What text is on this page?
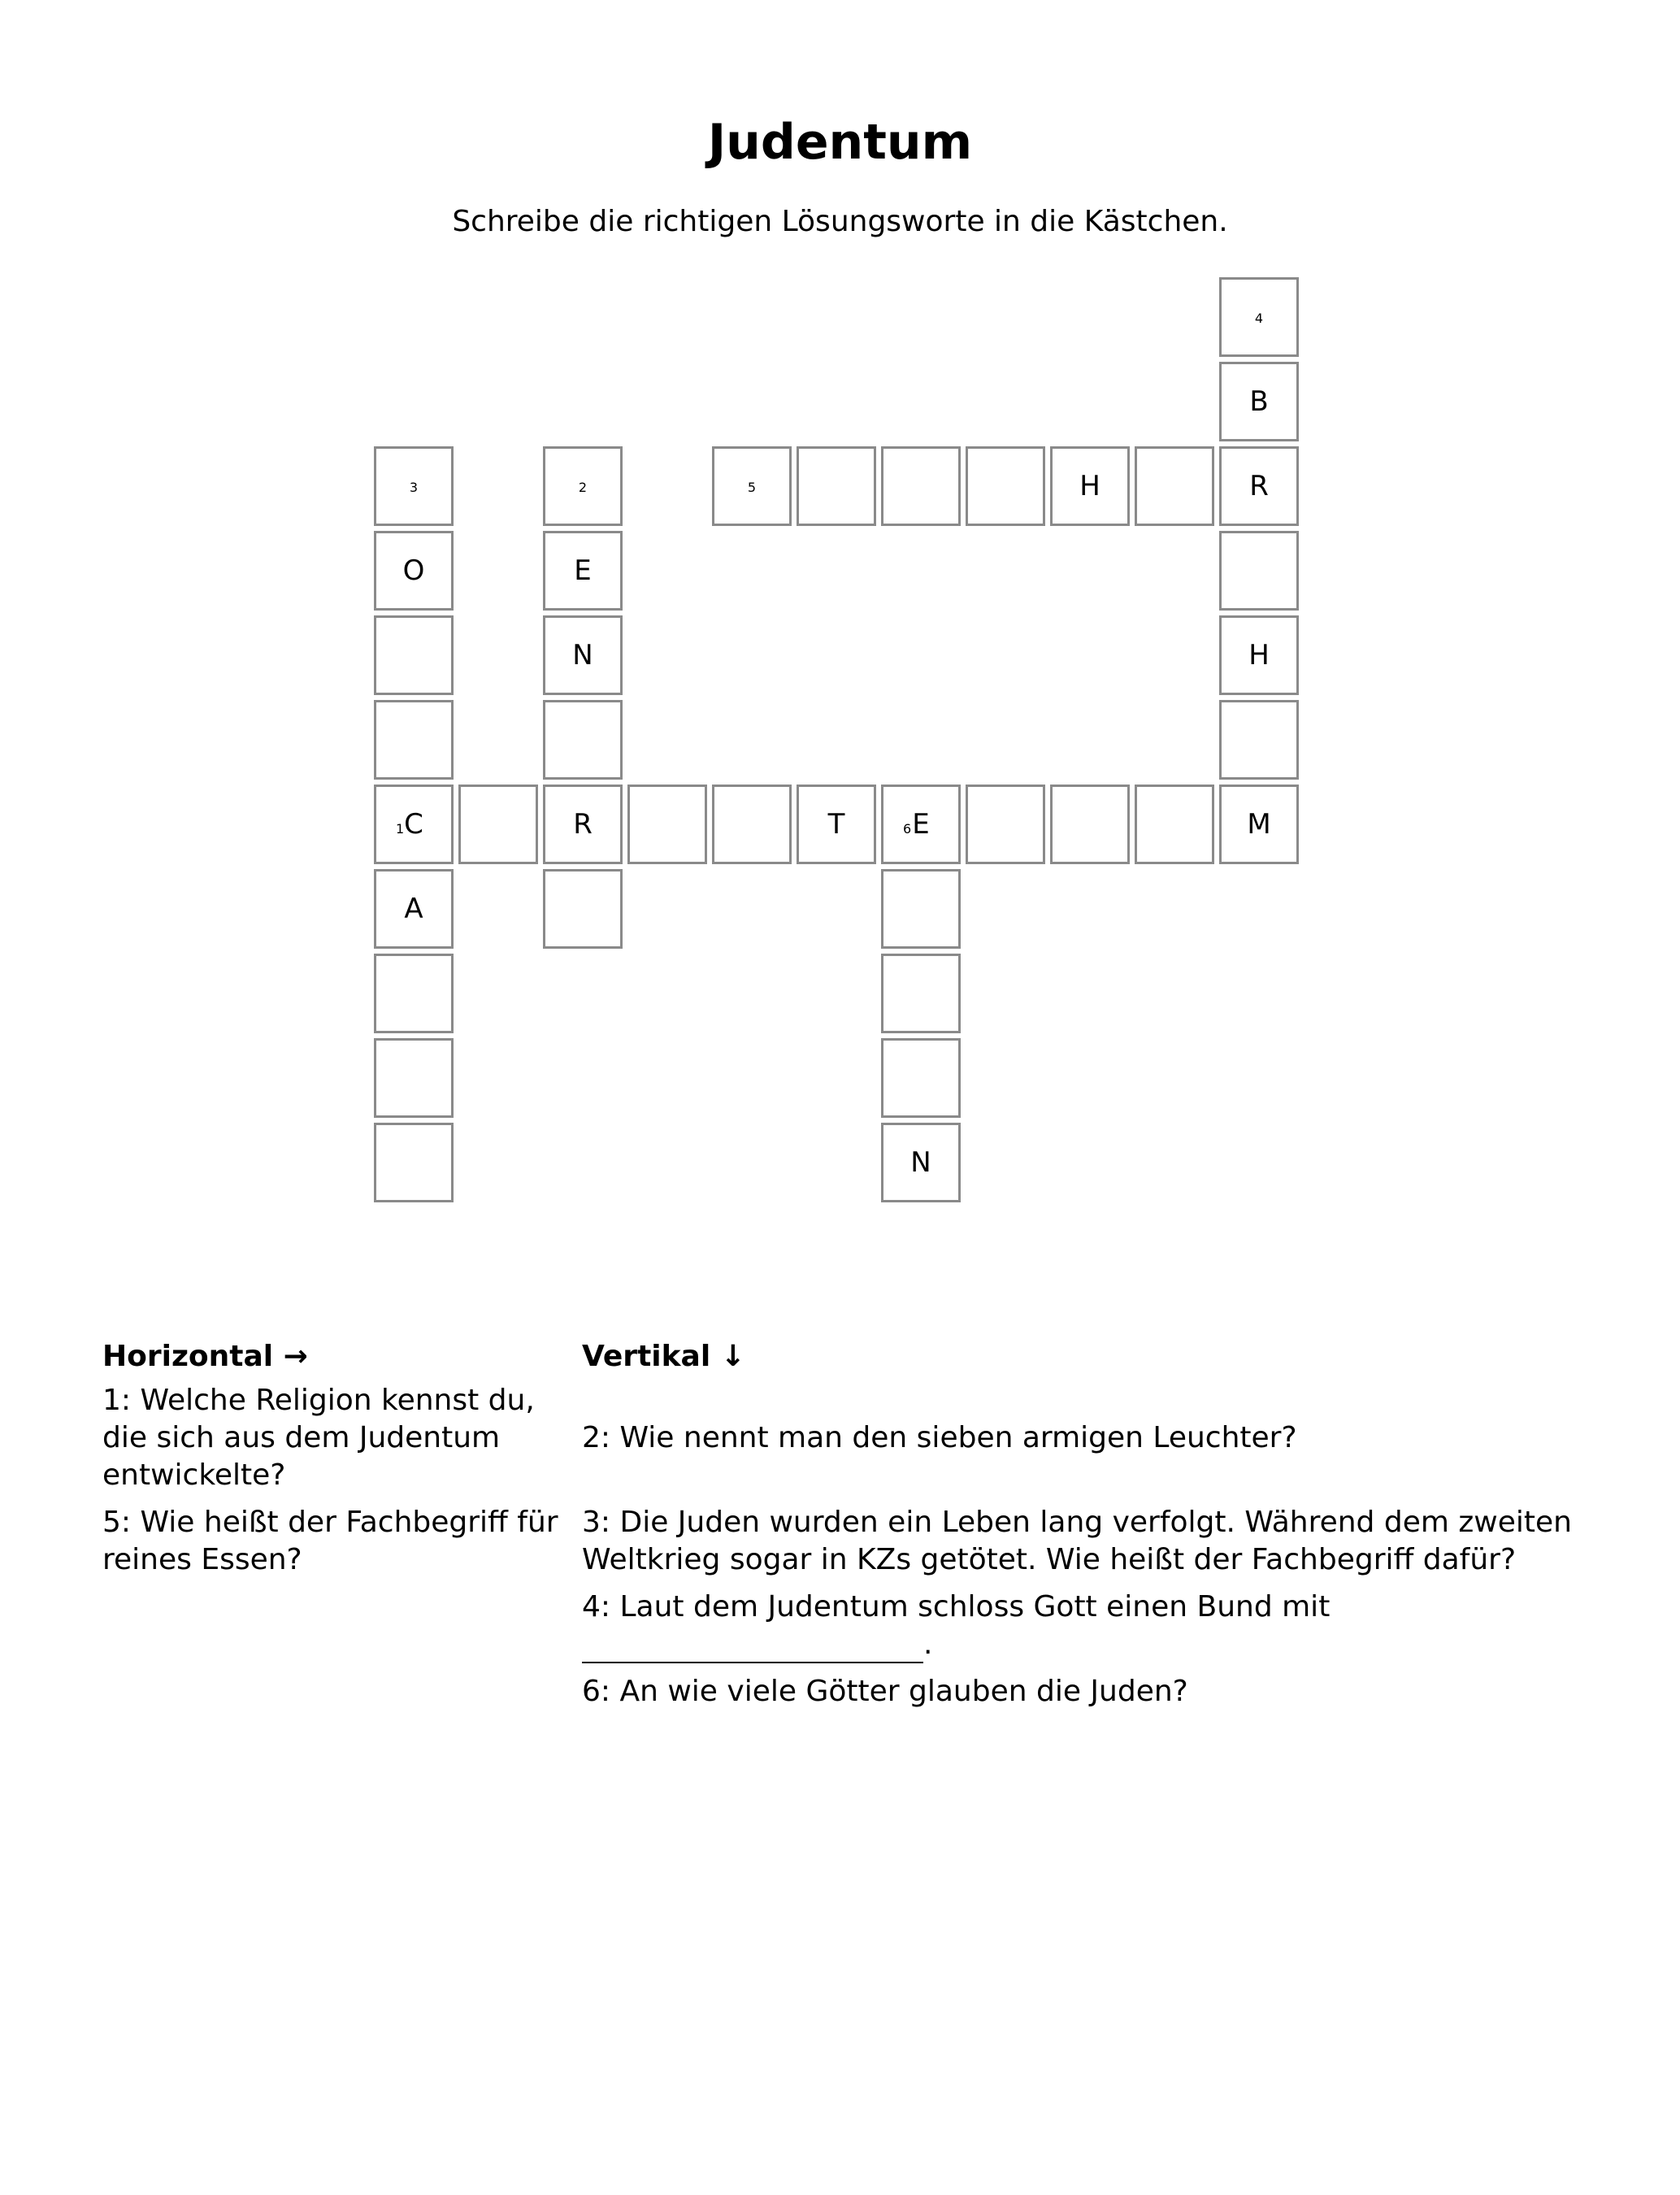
Judentum
Schreibe die richtigen Lösungsworte in die Kästchen.
4
B
3	2	5	H	R
O	E
N	H
1 C	R	T	6 E	M
A
N
Horizontal →	Vertikal ↓
1: Welche Religion kennst du, die sich aus dem Judentum entwickelte?
5: Wie heißt der Fachbegriff für reines Essen?
2: Wie nennt man den sieben armigen Leuchter?
3: Die Juden wurden ein Leben lang verfolgt. Während dem zweiten Weltkrieg sogar in KZs getötet. Wie heißt der Fachbegriff dafür?
4: Laut dem Judentum schloss Gott einen Bund mit
.
6: An wie viele Götter glauben die Juden?
